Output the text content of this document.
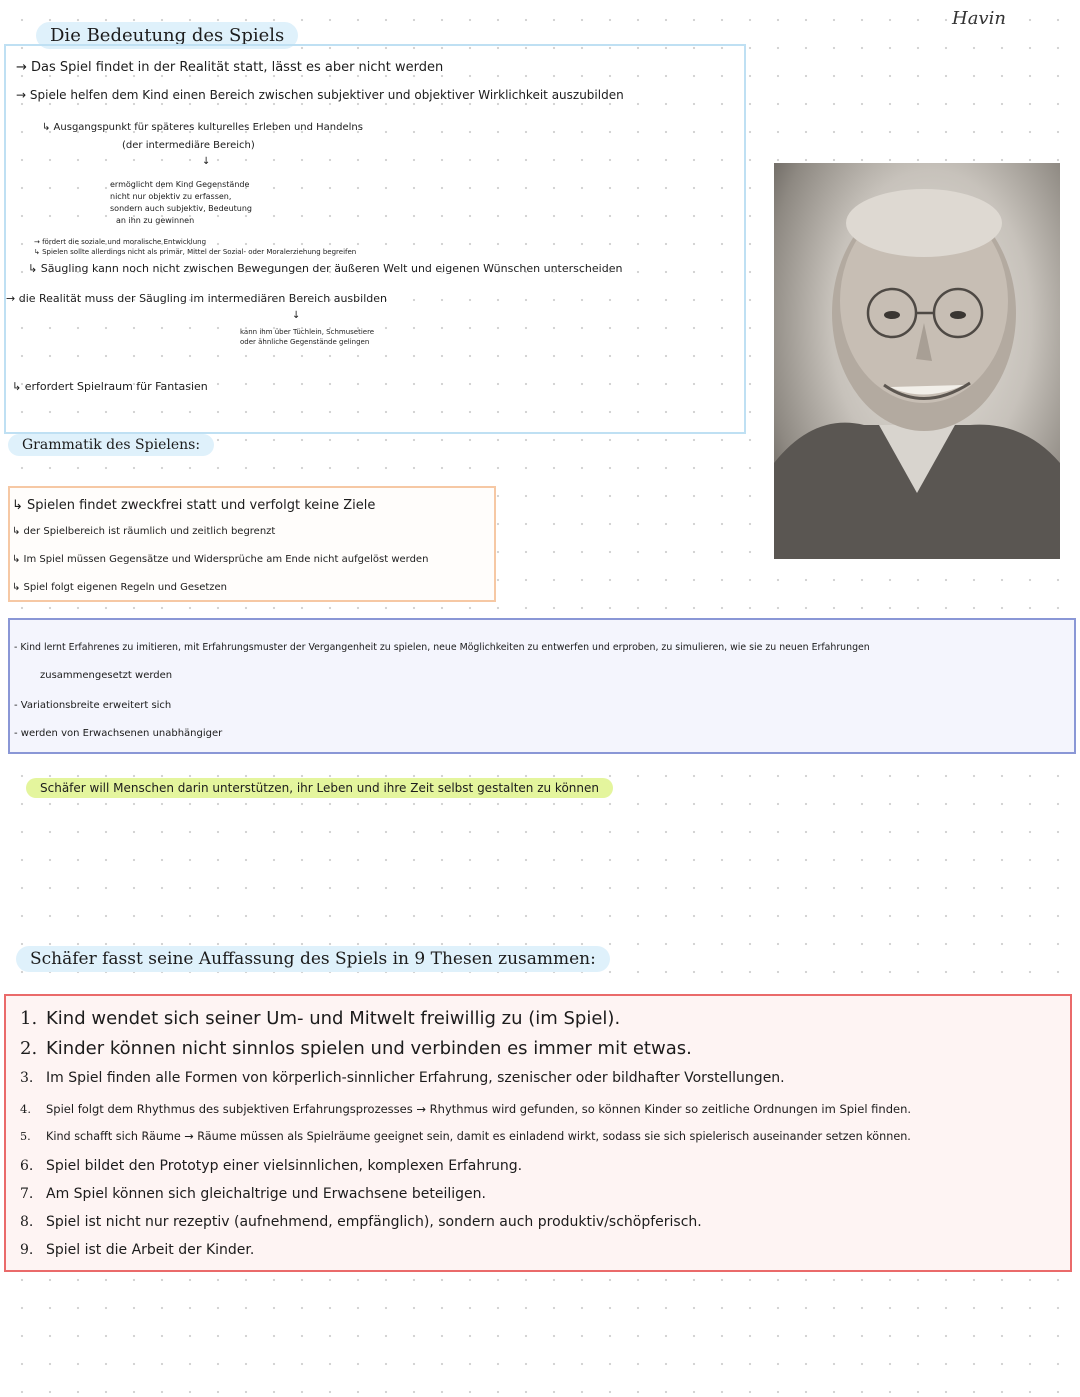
Havin
Die Bedeutung des Spiels
→ Das Spiel findet in der Realität statt, lässt es aber nicht werden
→ Spiele helfen dem Kind einen Bereich zwischen subjektiver und objektiver Wirklichkeit auszubilden
↳ Ausgangspunkt für späteres kulturelles Erleben und Handelns
(der intermediäre Bereich)
↓
ermöglicht dem Kind Gegenstände
nicht nur objektiv zu erfassen,
sondern auch subjektiv, Bedeutung
an ihn zu gewinnen
→ fördert die soziale und moralische Entwicklung
↳ Spielen sollte allerdings nicht als primär, Mittel der Sozial- oder Moralerziehung begreifen
↳ Säugling kann noch nicht zwischen Bewegungen der äußeren Welt und eigenen Wünschen unterscheiden
→ die Realität muss der Säugling im intermediären Bereich ausbilden
↓
kann ihm über Tüchlein, Schmusetiere
oder ähnliche Gegenstände gelingen
↳ erfordert Spielraum für Fantasien
Grammatik des Spielens:
↳ Spielen findet zweckfrei statt und verfolgt keine Ziele
↳ der Spielbereich ist räumlich und zeitlich begrenzt
↳ Im Spiel müssen Gegensätze und Widersprüche am Ende nicht aufgelöst werden
↳ Spiel folgt eigenen Regeln und Gesetzen
- Kind lernt Erfahrenes zu imitieren, mit Erfahrungsmuster der Vergangenheit zu spielen, neue Möglichkeiten zu entwerfen und erproben, zu simulieren, wie sie zu neuen Erfahrungen
zusammengesetzt werden
- Variationsbreite erweitert sich
- werden von Erwachsenen unabhängiger
Schäfer will Menschen darin unterstützen, ihr Leben und ihre Zeit selbst gestalten zu können
Schäfer fasst seine Auffassung des Spiels in 9 Thesen zusammen:
1. Kind wendet sich seiner Um- und Mitwelt freiwillig zu (im Spiel).
2. Kinder können nicht sinnlos spielen und verbinden es immer mit etwas.
3. Im Spiel finden alle Formen von körperlich-sinnlicher Erfahrung, szenischer oder bildhafter Vorstellungen.
4. Spiel folgt dem Rhythmus des subjektiven Erfahrungsprozesses → Rhythmus wird gefunden, so können Kinder so zeitliche Ordnungen im Spiel finden.
5. Kind schafft sich Räume → Räume müssen als Spielräume geeignet sein, damit es einladend wirkt, sodass sie sich spielerisch auseinander setzen können.
6. Spiel bildet den Prototyp einer vielsinnlichen, komplexen Erfahrung.
7. Am Spiel können sich gleichaltrige und Erwachsene beteiligen.
8. Spiel ist nicht nur rezeptiv (aufnehmend, empfänglich), sondern auch produktiv/schöpferisch.
9. Spiel ist die Arbeit der Kinder.
